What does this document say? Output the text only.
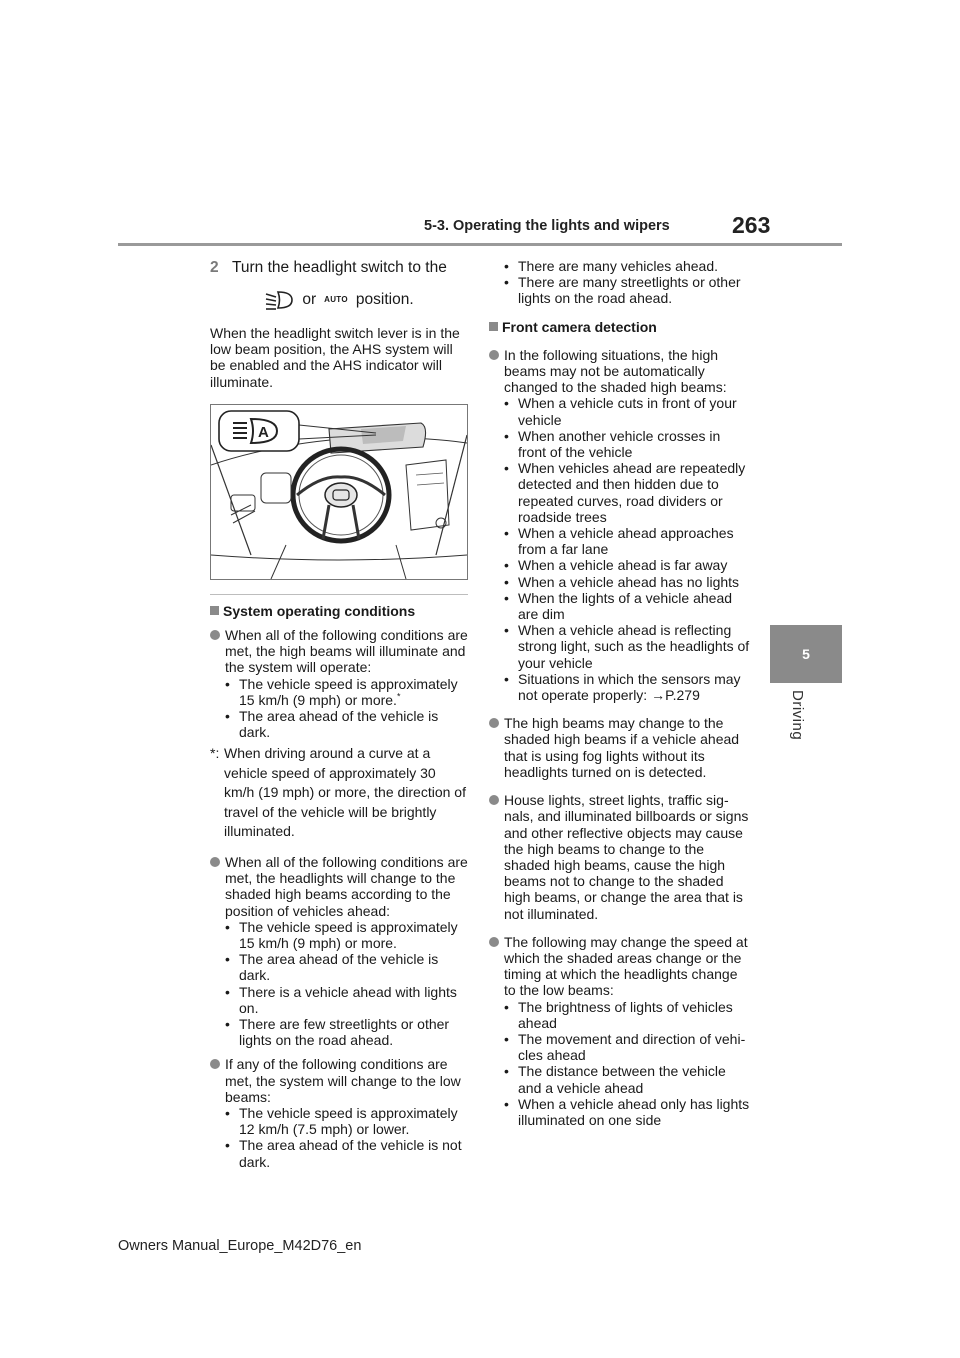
5-3. Operating the lights and wipers	263
5
Driving
2 Turn the headlight switch to the
or AUTO position.
When the headlight switch lever is in the low beam position, the AHS system will be enabled and the AHS indicator will illuminate.
A
System operating conditions
When all of the following conditions are met, the high beams will illuminate and the system will operate:
• The vehicle speed is approximately 15 km/h (9 mph) or more.*
• The area ahead of the vehicle is dark.
*: When driving around a curve at a vehicle speed of approximately 30 km/h (19 mph) or more, the direction of travel of the vehicle will be brightly illuminated.
When all of the following conditions are met, the headlights will change to the shaded high beams according to the position of vehicles ahead:
• The vehicle speed is approximately 15 km/h (9 mph) or more.
• The area ahead of the vehicle is dark.
• There is a vehicle ahead with lights on.
• There are few streetlights or other lights on the road ahead.
If any of the following conditions are met, the system will change to the low beams:
• The vehicle speed is approximately 12 km/h (7.5 mph) or lower.
• The area ahead of the vehicle is not dark.
• There are many vehicles ahead.
• There are many streetlights or other lights on the road ahead.
Front camera detection
In the following situations, the high beams may not be automatically changed to the shaded high beams:
• When a vehicle cuts in front of your vehicle
• When another vehicle crosses in front of the vehicle
• When vehicles ahead are repeatedly detected and then hidden due to repeated curves, road dividers or roadside trees
• When a vehicle ahead approaches from a far lane
• When a vehicle ahead is far away
• When a vehicle ahead has no lights
• When the lights of a vehicle ahead are dim
• When a vehicle ahead is reflecting strong light, such as the headlights of your vehicle
• Situations in which the sensors may not operate properly: →P.279
The high beams may change to the shaded high beams if a vehicle ahead that is using fog lights without its headlights turned on is detected.
House lights, street lights, traffic sig-nals, and illuminated billboards or signs and other reflective objects may cause the high beams to change to the shaded high beams, cause the high beams not to change to the shaded high beams, or change the area that is not illuminated.
The following may change the speed at which the shaded areas change or the timing at which the headlights change to the low beams:
• The brightness of lights of vehicles ahead
• The movement and direction of vehi-cles ahead
• The distance between the vehicle and a vehicle ahead
• When a vehicle ahead only has lights illuminated on one side
Owners Manual_Europe_M42D76_en
